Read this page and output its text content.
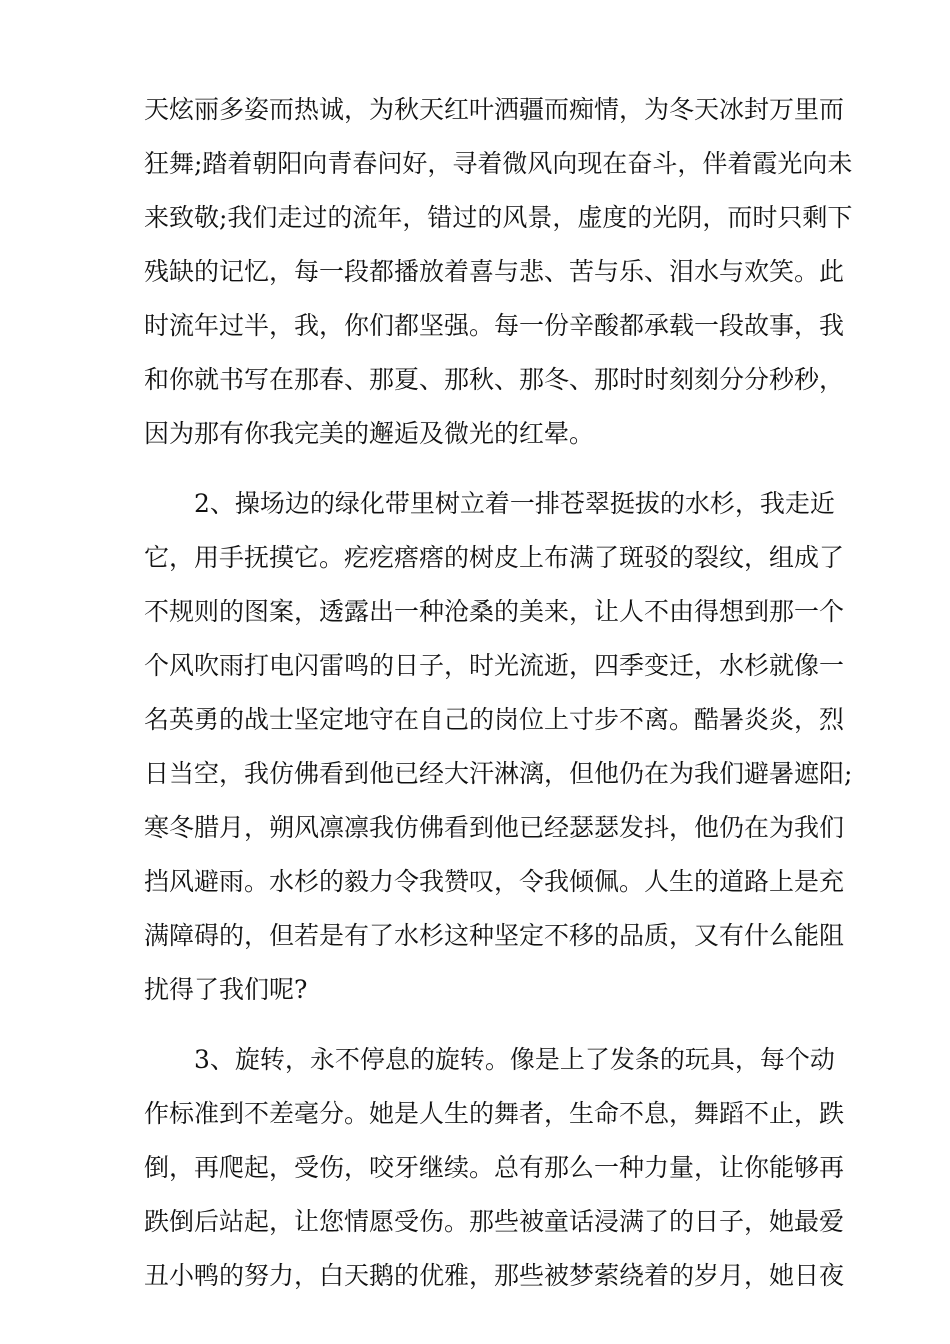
天炫丽多姿而热诚，为秋天红叶洒疆而痴情，为冬天冰封万里而
狂舞;踏着朝阳向青春问好，寻着微风向现在奋斗，伴着霞光向未
来致敬;我们走过的流年，错过的风景，虚度的光阴，而时只剩下
残缺的记忆，每一段都播放着喜与悲、苦与乐、泪水与欢笑。此
时流年过半，我，你们都坚强。每一份辛酸都承载一段故事，我
和你就书写在那春、那夏、那秋、那冬、那时时刻刻分分秒秒，
因为那有你我完美的邂逅及微光的红晕。
2、操场边的绿化带里树立着一排苍翠挺拔的水杉，我走近
它，用手抚摸它。疙疙瘩瘩的树皮上布满了斑驳的裂纹，组成了
不规则的图案，透露出一种沧桑的美来，让人不由得想到那一个
个风吹雨打电闪雷鸣的日子，时光流逝，四季变迁，水杉就像一
名英勇的战士坚定地守在自己的岗位上寸步不离。酷暑炎炎，烈
日当空，我仿佛看到他已经大汗淋漓，但他仍在为我们避暑遮阳;
寒冬腊月，朔风凛凛我仿佛看到他已经瑟瑟发抖，他仍在为我们
挡风避雨。水杉的毅力令我赞叹，令我倾佩。人生的道路上是充
满障碍的，但若是有了水杉这种坚定不移的品质，又有什么能阻
扰得了我们呢?
3、旋转，永不停息的旋转。像是上了发条的玩具，每个动
作标准到不差毫分。她是人生的舞者，生命不息，舞蹈不止，跌
倒，再爬起，受伤，咬牙继续。总有那么一种力量，让你能够再
跌倒后站起，让您情愿受伤。那些被童话浸满了的日子，她最爱
丑小鸭的努力，白天鹅的优雅，那些被梦萦绕着的岁月，她日夜
